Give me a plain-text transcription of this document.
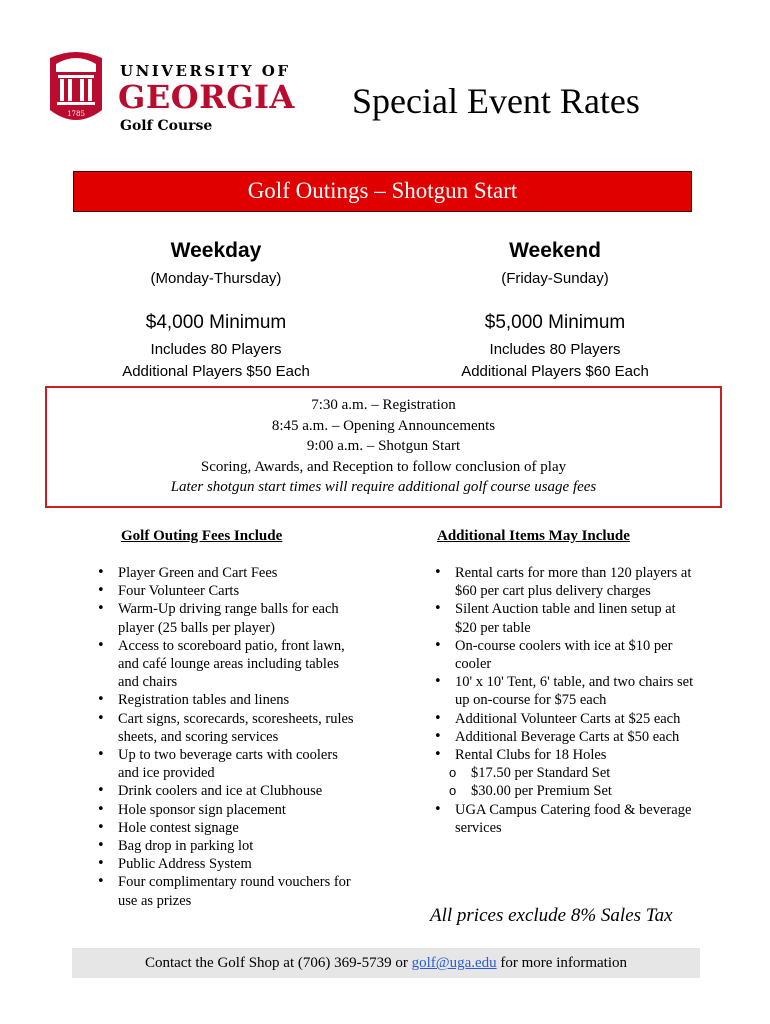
1785
UNIVERSITY OF
GEORGIA
Golf Course
Special Event Rates
Golf Outings – Shotgun Start
Weekday
(Monday-Thursday)
$4,000 Minimum
Includes 80 Players
Additional Players $50 Each
Weekend
(Friday-Sunday)
$5,000 Minimum
Includes 80 Players
Additional Players $60 Each
7:30 a.m. – Registration
8:45 a.m. – Opening Announcements
9:00 a.m. – Shotgun Start
Scoring, Awards, and Reception to follow conclusion of play
Later shotgun start times will require additional golf course usage fees
Golf Outing Fees Include
• Player Green and Cart Fees
• Four Volunteer Carts
• Warm-Up driving range balls for each player (25 balls per player)
• Access to scoreboard patio, front lawn, and café lounge areas including tables and chairs
• Registration tables and linens
• Cart signs, scorecards, scoresheets, rules sheets, and scoring services
• Up to two beverage carts with coolers and ice provided
• Drink coolers and ice at Clubhouse
• Hole sponsor sign placement
• Hole contest signage
• Bag drop in parking lot
• Public Address System
• Four complimentary round vouchers for use as prizes
Additional Items May Include
• Rental carts for more than 120 players at $60 per cart plus delivery charges
• Silent Auction table and linen setup at $20 per table
• On-course coolers with ice at $10 per cooler
• 10' x 10' Tent, 6' table, and two chairs set up on-course for $75 each
• Additional Volunteer Carts at $25 each
• Additional Beverage Carts at $50 each
• Rental Clubs for 18 Holes
o $17.50 per Standard Set
o $30.00 per Premium Set
• UGA Campus Catering food & beverage services
All prices exclude 8% Sales Tax
Contact the Golf Shop at (706) 369-5739 or golf@uga.edu for more information
